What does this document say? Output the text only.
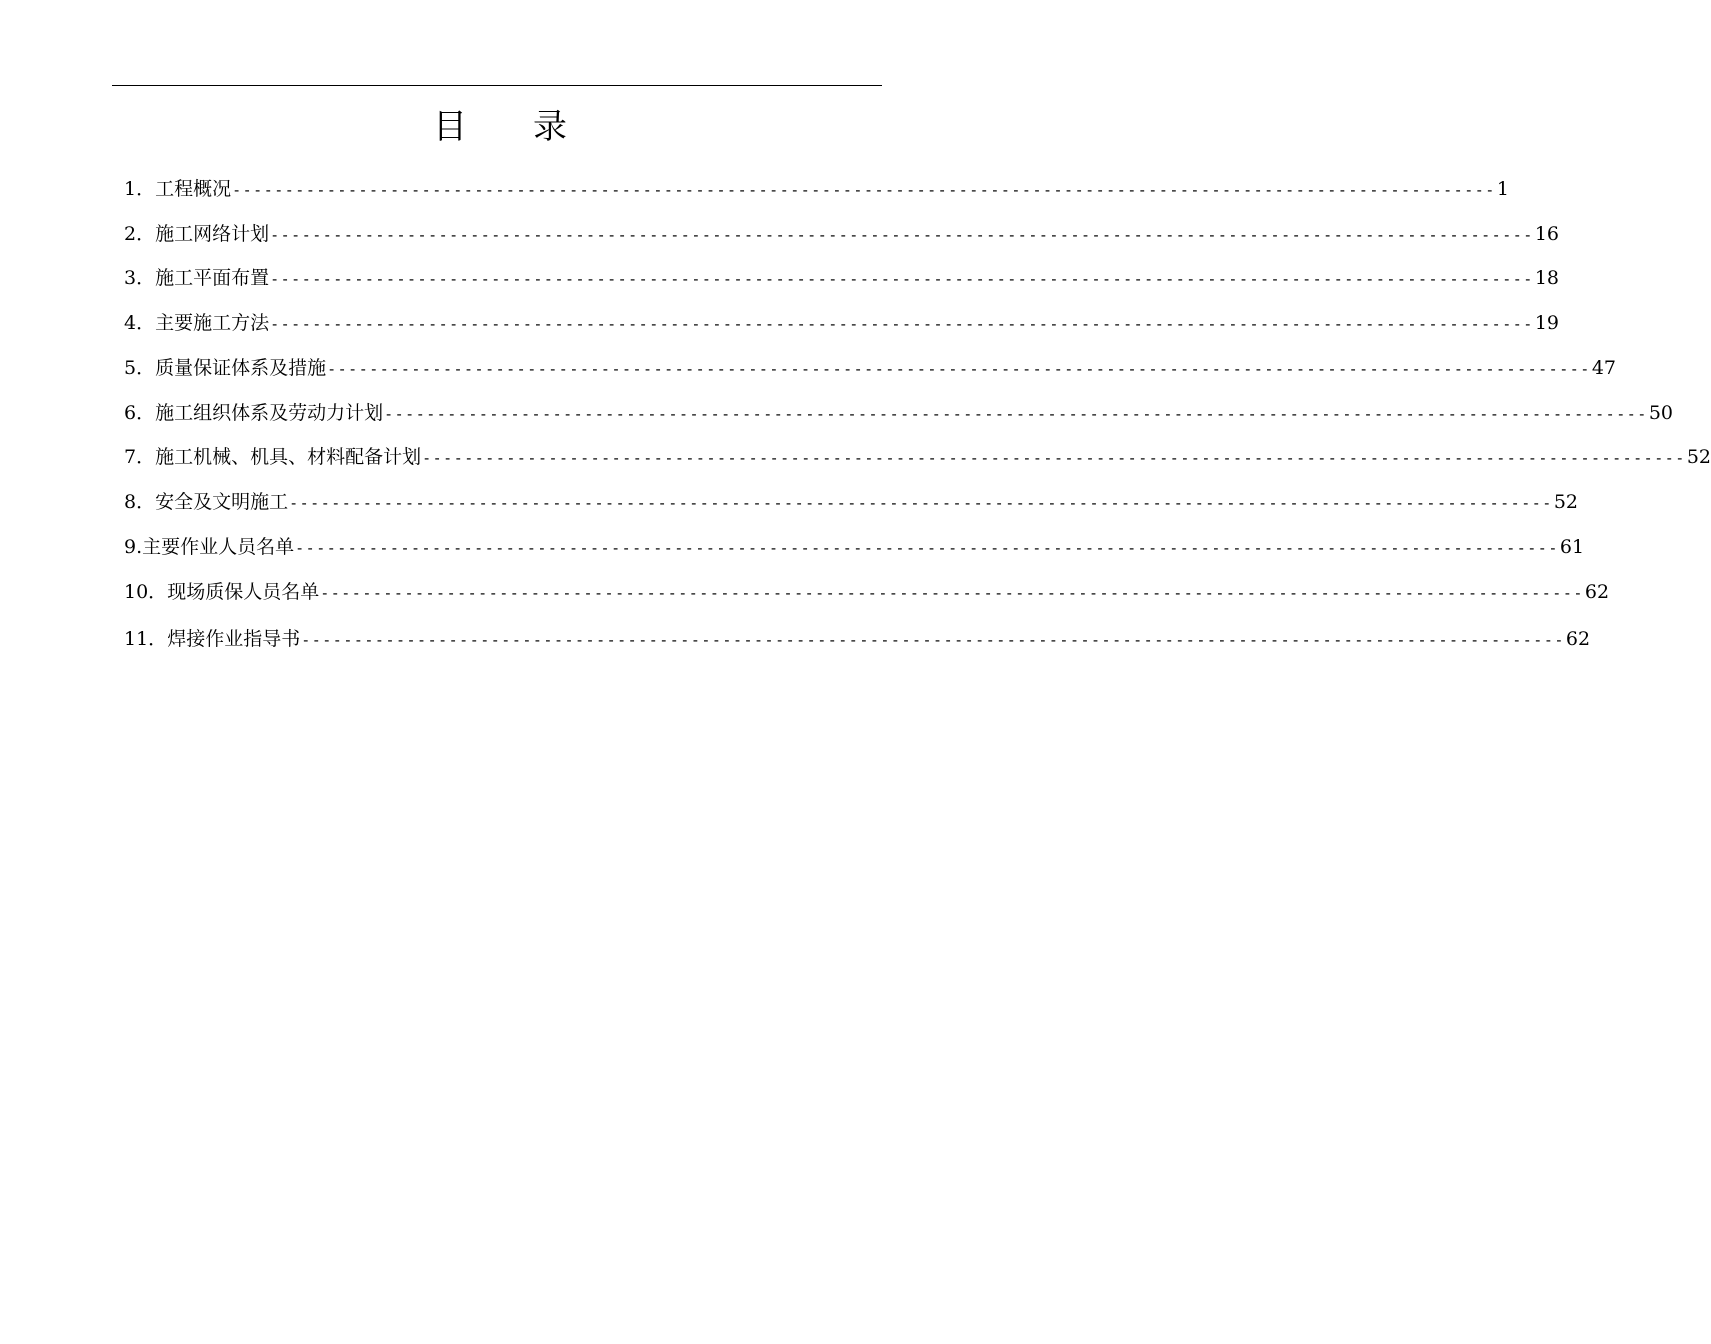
目 录
1． 工程概况 ------------------------------------------------------------------------------------------------------------------------ 1
2． 施工网络计划 ------------------------------------------------------------------------------------------------------------------------ 16
3． 施工平面布置 ------------------------------------------------------------------------------------------------------------------------ 18
4． 主要施工方法 ------------------------------------------------------------------------------------------------------------------------ 19
5． 质量保证体系及措施 ------------------------------------------------------------------------------------------------------------------------ 47
6． 施工组织体系及劳动力计划 ------------------------------------------------------------------------------------------------------------------------ 50
7． 施工机械、机具、材料配备计划 ------------------------------------------------------------------------------------------------------------------------ 52
8． 安全及文明施工 ------------------------------------------------------------------------------------------------------------------------ 52
9. 主要作业人员名单 ------------------------------------------------------------------------------------------------------------------------ 61
10． 现场质保人员名单 ------------------------------------------------------------------------------------------------------------------------ 62
11． 焊接作业指导书 ------------------------------------------------------------------------------------------------------------------------ 62
